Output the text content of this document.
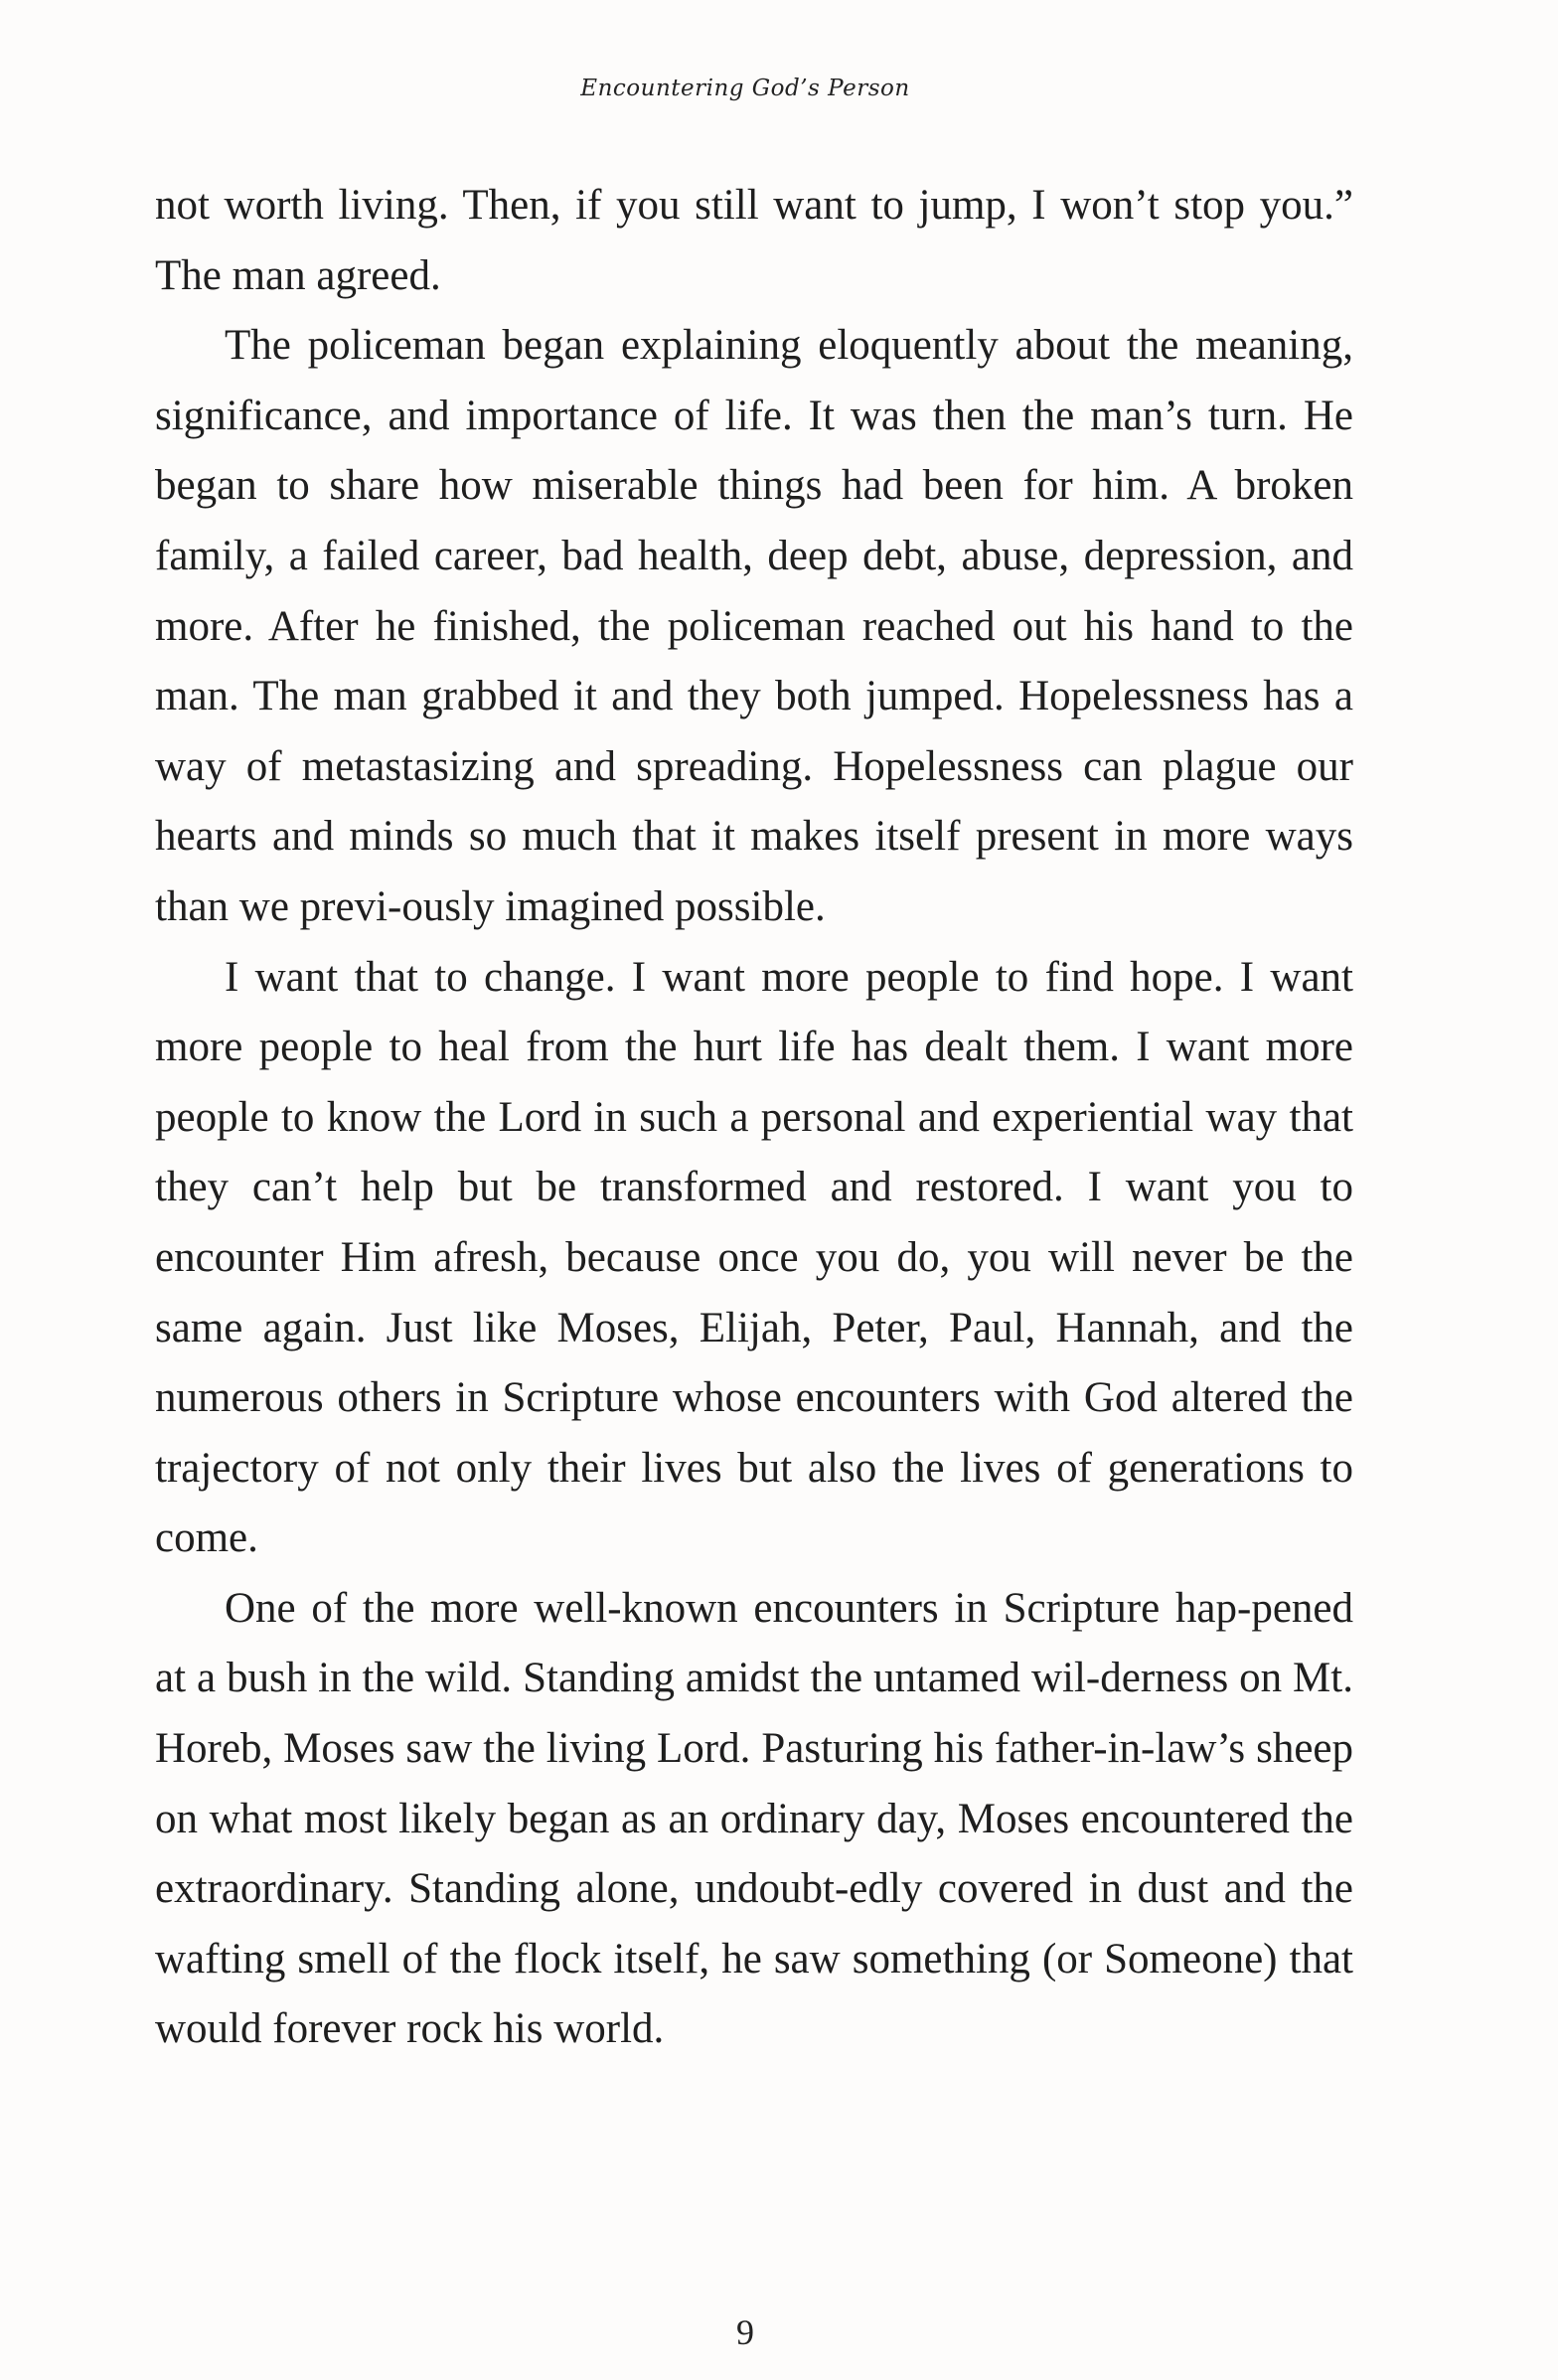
Encountering God’s Person

not worth living. Then, if you still want to jump, I won’t stop you.” The man agreed.

The policeman began explaining eloquently about the meaning, significance, and importance of life. It was then the man’s turn. He began to share how miserable things had been for him. A broken family, a failed career, bad health, deep debt, abuse, depression, and more. After he finished, the policeman reached out his hand to the man. The man grabbed it and they both jumped. Hopelessness has a way of metastasizing and spreading. Hopelessness can plague our hearts and minds so much that it makes itself present in more ways than we previ-ously imagined possible.

I want that to change. I want more people to find hope. I want more people to heal from the hurt life has dealt them. I want more people to know the Lord in such a personal and experiential way that they can’t help but be transformed and restored. I want you to encounter Him afresh, because once you do, you will never be the same again. Just like Moses, Elijah, Peter, Paul, Hannah, and the numerous others in Scripture whose encounters with God altered the trajectory of not only their lives but also the lives of generations to come.

One of the more well-known encounters in Scripture hap-pened at a bush in the wild. Standing amidst the untamed wil-derness on Mt. Horeb, Moses saw the living Lord. Pasturing his father-in-law’s sheep on what most likely began as an ordinary day, Moses encountered the extraordinary. Standing alone, undoubt-edly covered in dust and the wafting smell of the flock itself, he saw something (or Someone) that would forever rock his world.

9
